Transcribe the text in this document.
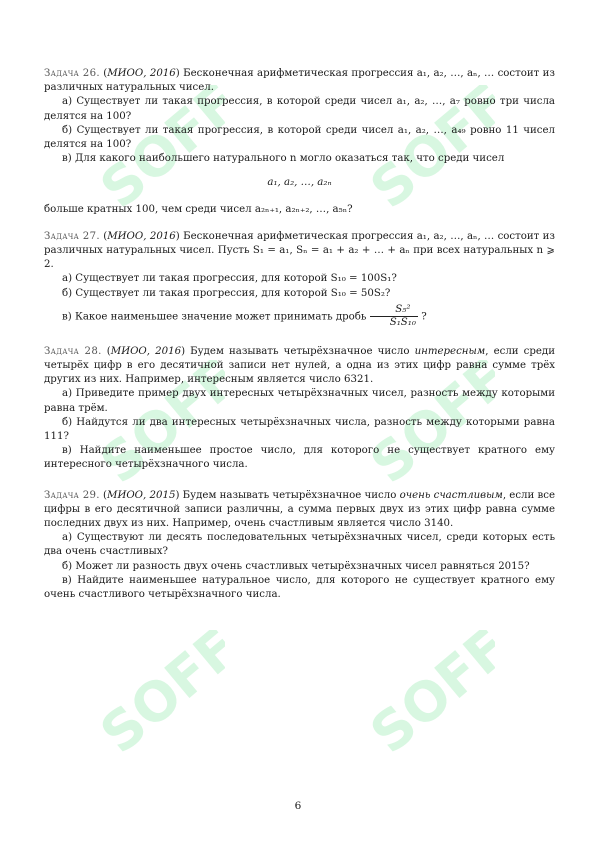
SOFF SOFF
SOFF SOFF
SOFF SOFF

Задача 26. (МИОО, 2016) Бесконечная арифметическая прогрессия a₁, a₂, …, aₙ, … состоит из различных натуральных чисел.

а) Существует ли такая прогрессия, в которой среди чисел a₁, a₂, …, a₇ ровно три числа делятся на 100?

б) Существует ли такая прогрессия, в которой среди чисел a₁, a₂, …, a₄₉ ровно 11 чисел делятся на 100?

в) Для какого наибольшего натурального n могло оказаться так, что среди чисел

a₁, a₂, …, a₂ₙ

больше кратных 100, чем среди чисел a₂ₙ₊₁, a₂ₙ₊₂, …, a₅ₙ?

Задача 27. (МИОО, 2016) Бесконечная арифметическая прогрессия a₁, a₂, …, aₙ, … состоит из различных натуральных чисел. Пусть S₁ = a₁, Sₙ = a₁ + a₂ + … + aₙ при всех натуральных n ⩾ 2.

а) Существует ли такая прогрессия, для которой S₁₀ = 100S₁?

б) Существует ли такая прогрессия, для которой S₁₀ = 50S₂?

в) Какое наименьшее значение может принимать дробь $\frac{\text{S₅²}}{\text{S₁S₁₀}}$ ?

Задача 28. (МИОО, 2016) Будем называть четырёхзначное число интересным, если среди четырёх цифр в его десятичной записи нет нулей, а одна из этих цифр равна сумме трёх других из них. Например, интересным является число 6321.

а) Приведите пример двух интересных четырёхзначных чисел, разность между которыми равна трём.

б) Найдутся ли два интересных четырёхзначных числа, разность между которыми равна 111?

в) Найдите наименьшее простое число, для которого не существует кратного ему интересного четырёхзначного числа.

Задача 29. (МИОО, 2015) Будем называть четырёхзначное число очень счастливым, если все цифры в его десятичной записи различны, а сумма первых двух из этих цифр равна сумме последних двух из них. Например, очень счастливым является число 3140.

а) Существуют ли десять последовательных четырёхзначных чисел, среди которых есть два очень счастливых?

б) Может ли разность двух очень счастливых четырёхзначных чисел равняться 2015?

в) Найдите наименьшее натуральное число, для которого не существует кратного ему очень счастливого четырёхзначного числа.

6
